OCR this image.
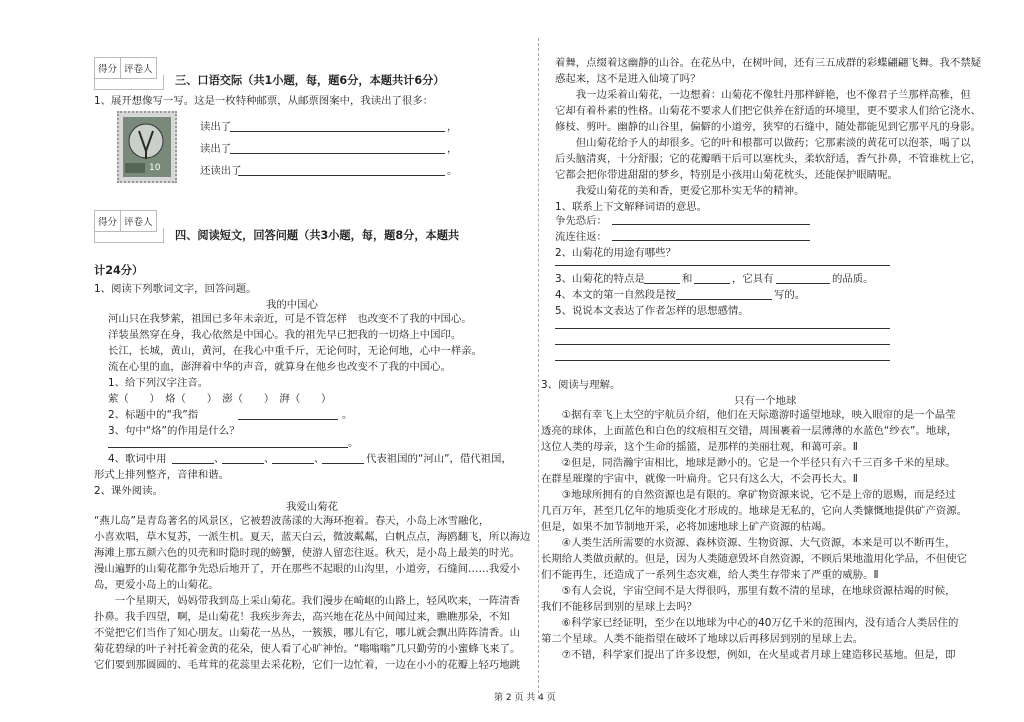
得分 评卷人
三、口语交际（共1小题，每，题6分，本题共计6分）
1、展开想像写一写。这是一枚特种邮票，从邮票图案中，我读出了很多：
10
读出了	，
读出了	，
还读出了	。
得分 评卷人
四、阅读短文，回答问题（共3小题，每，题8分，本题共
计24分）
1、阅读下列歌词文字，回答问题。
我的中国心
河山只在我梦萦，祖国已多年未亲近，可是不管怎样　也改变不了我的中国心。
洋装虽然穿在身，我心依然是中国心。我的祖先早已把我的一切烙上中国印。
长江，长城，黄山，黄河，在我心中重千斤，无论何时，无论何地，心中一样亲。
流在心里的血，澎湃着中华的声音，就算身在他乡也改变不了我的中国心。
1、给下列汉字注音。
萦（　　）　烙（　　）　澎（　　）　湃（　　）
2、标题中的“我”指	。
3、句中“烙”的作用是什么？
。
4、歌词中用	、	、	、	代表祖国的“河山”，借代祖国，
形式上排列整齐，音律和谐。
2、课外阅读。
我爱山菊花
“燕儿岛”是青岛著名的风景区，它被碧波荡漾的大海环抱着。春天，小岛上冰雪融化，
小喜欢唱，草木复苏，一派生机。夏天，蓝天白云，微波粼粼，白帆点点，海鸥翻飞，所以海边
海滩上那五颜六色的贝壳和时隐时现的螃蟹，使游人留恋往返。秋天，是小岛上最美的时光。
漫山遍野的山菊花都争先恐后地开了，开在那些不起眼的山沟里，小道旁，石缝间……我爱小
岛，更爱小岛上的山菊花。
　　一个星期天，妈妈带我到岛上采山菊花。我们漫步在崎岖的山路上，轻风吹来，一阵清香
扑鼻。我手四望，啊，是山菊花！我疾步奔去，高兴地在花丛中间闻过来，瞧瞧那朵，不知
不觉把它们当作了知心朋友。山菊花一丛丛，一簇簇，哪儿有它，哪儿就会飘出阵阵清香。山
菊花碧绿的叶子衬托着金黄的花朵，使人看了心旷神怡。“嗡嗡嗡”几只勤劳的小蜜蜂飞来了。
它们要到那圆圆的、毛茸茸的花蕊里去采花粉，它们一边忙着，一边在小小的花瓣上轻巧地跳
着舞，点缀着这幽静的山谷。在花丛中，在树叶间，还有三五成群的彩蝶翩翩飞舞。我不禁疑
惑起来，这不是进入仙境了吗？
　　我一边采着山菊花，一边想着：山菊花不像牡丹那样鲜艳，也不像君子兰那样高雅，但
它却有着朴素的性格。山菊花不要求人们把它供养在舒适的环境里，更不要求人们给它浇水、
修枝、剪叶。幽静的山谷里，偏僻的小道旁，狭窄的石缝中，随处都能见到它那平凡的身影。
　　但山菊花给予人的却很多。它的叶和根都可以做药；它那素淡的黄花可以泡茶，喝了以
后头脑清爽，十分舒服；它的花瓣晒干后可以塞枕头，柔软舒适，香气扑鼻，不管谁枕上它，
它都会把你带进甜甜的梦乡，特别是小孩用山菊花枕头，还能保护眼睛呢。
　　我爱山菊花的美和香，更爱它那朴实无华的精神。
1、联系上下文解释词语的意思。
争先恐后：
流连往返：
2、山菊花的用途有哪些？
3、山菊花的特点是	和	，它具有	的品质。
4、本文的第一自然段是按	写的。
5、说说本文表达了作者怎样的思想感情。
3、阅读与理解。
只有一个地球
　　①据有幸飞上太空的宇航员介绍，他们在天际遨游时遥望地球，映入眼帘的是一个晶莹
透亮的球体，上面蓝色和白色的纹痕相互交错，周围裹着一层薄薄的水蓝色“纱衣”。地球，
这位人类的母亲，这个生命的摇篮，是那样的美丽壮观，和蔼可亲。Ⅱ
　　②但是，同浩瀚宇宙相比，地球是渺小的。它是一个半径只有六千三百多千米的星球。
在群星璀璨的宇宙中，就像一叶扁舟。它只有这么大，不会再长大。Ⅱ
　　③地球所拥有的自然资源也是有限的。拿矿物资源来说，它不是上帝的恩赐，而是经过
几百万年，甚至几亿年的地质变化才形成的。地球是无私的，它向人类慷慨地提供矿产资源。
但是，如果不加节制地开采，必将加速地球上矿产资源的枯竭。
　　④人类生活所需要的水资源、森林资源、生物资源、大气资源，本来是可以不断再生，
长期给人类做贡献的。但是，因为人类随意毁坏自然资源，不顾后果地滥用化学品，不但使它
们不能再生，还造成了一系列生态灾难，给人类生存带来了严重的威胁。Ⅱ
　　⑤有人会说，宇宙空间不是大得很吗，那里有数不清的星球，在地球资源枯竭的时候，
我们不能移居到别的星球上去吗？
　　⑥科学家已经证明，至少在以地球为中心的40万亿千米的范围内，没有适合人类居住的
第二个星球。人类不能指望在破坏了地球以后再移居到别的星球上去。
　　⑦不错，科学家们提出了许多设想，例如，在火星或者月球上建造移民基地。但是，即
第 2 页 共 4 页
